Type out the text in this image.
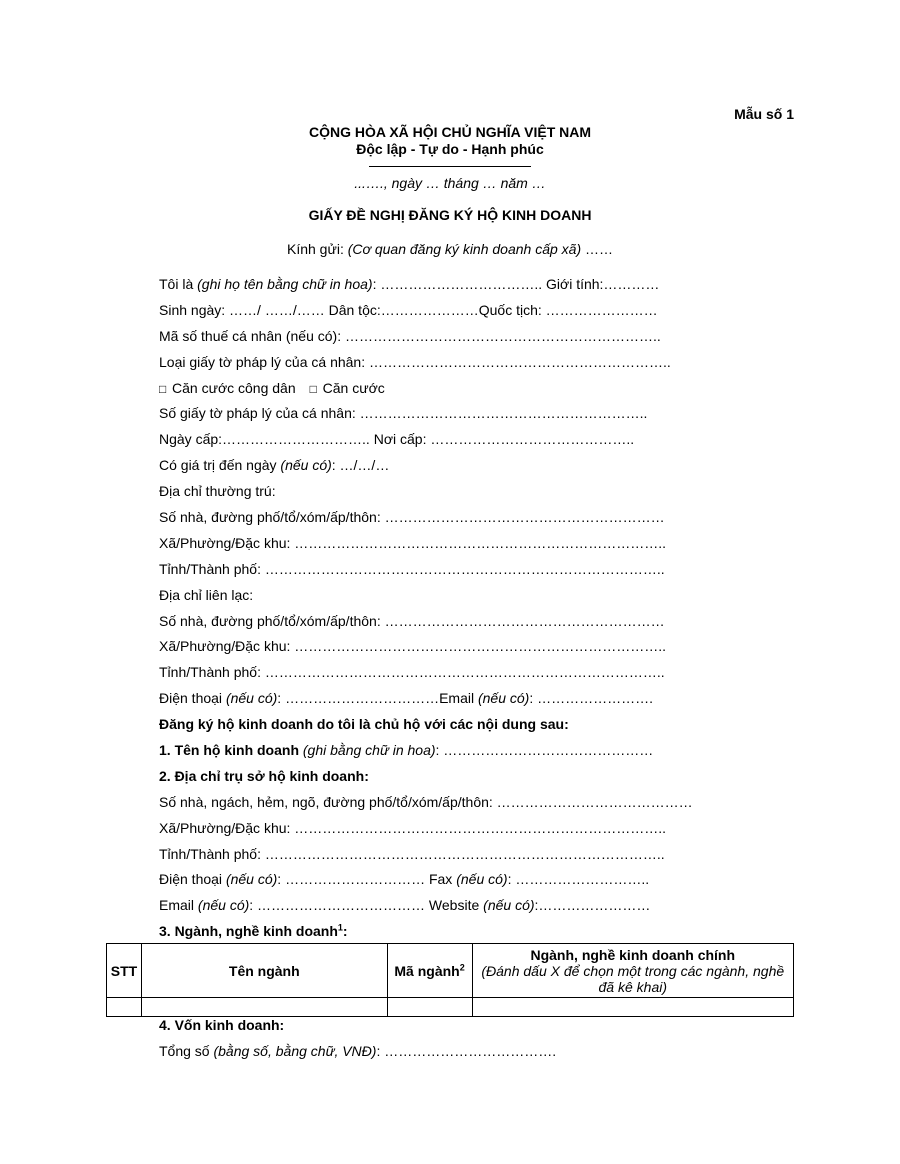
Mẫu số 1
CỘNG HÒA XÃ HỘI CHỦ NGHĨA VIỆT NAM
Độc lập - Tự do - Hạnh phúc
...…., ngày … tháng … năm …
GIẤY ĐỀ NGHỊ ĐĂNG KÝ HỘ KINH DOANH
Kính gửi: (Cơ quan đăng ký kinh doanh cấp xã) ……
Tôi là (ghi họ tên bằng chữ in hoa): …………………………….. Giới tính:…………
Sinh ngày: ……/ ……/…… Dân tộc:…………………Quốc tịch: ……………………
Mã số thuế cá nhân (nếu có): …………………………………………………………..
Loại giấy tờ pháp lý của cá nhân: ………………………………………………………..
□ Căn cước công dân □ Căn cước
Số giấy tờ pháp lý của cá nhân: ……………………………………………………..
Ngày cấp:………………………….. Nơi cấp: ……………………………………..
Có giá trị đến ngày (nếu có): …/…/…
Địa chỉ thường trú:
Số nhà, đường phố/tổ/xóm/ấp/thôn: ……………………………………………………
Xã/Phường/Đặc khu: ……………………………………………………………………..
Tỉnh/Thành phố: …………………………………………………………………………..
Địa chỉ liên lạc:
Số nhà, đường phố/tổ/xóm/ấp/thôn: ……………………………………………………
Xã/Phường/Đặc khu: ……………………………………………………………………..
Tỉnh/Thành phố: …………………………………………………………………………..
Điện thoại (nếu có): ……………………………Email (nếu có): …………………….
Đăng ký hộ kinh doanh do tôi là chủ hộ với các nội dung sau:
1. Tên hộ kinh doanh (ghi bằng chữ in hoa): ………………………………………
2. Địa chỉ trụ sở hộ kinh doanh:
Số nhà, ngách, hẻm, ngõ, đường phố/tổ/xóm/ấp/thôn: ……………………………………
Xã/Phường/Đặc khu: ……………………………………………………………………..
Tỉnh/Thành phố: …………………………………………………………………………..
Điện thoại (nếu có): ………………………… Fax (nếu có): ………………………..
Email (nếu có): ……………………………… Website (nếu có):……………………
3. Ngành, nghề kinh doanh$^1$:
STT	Tên ngành	Mã ngành$^2$	Ngành, nghề kinh doanh chính
(Đánh dấu X để chọn một trong các ngành, nghề đã kê khai)

4. Vốn kinh doanh:
Tổng số (bằng số, bằng chữ, VNĐ): ……………………………….
